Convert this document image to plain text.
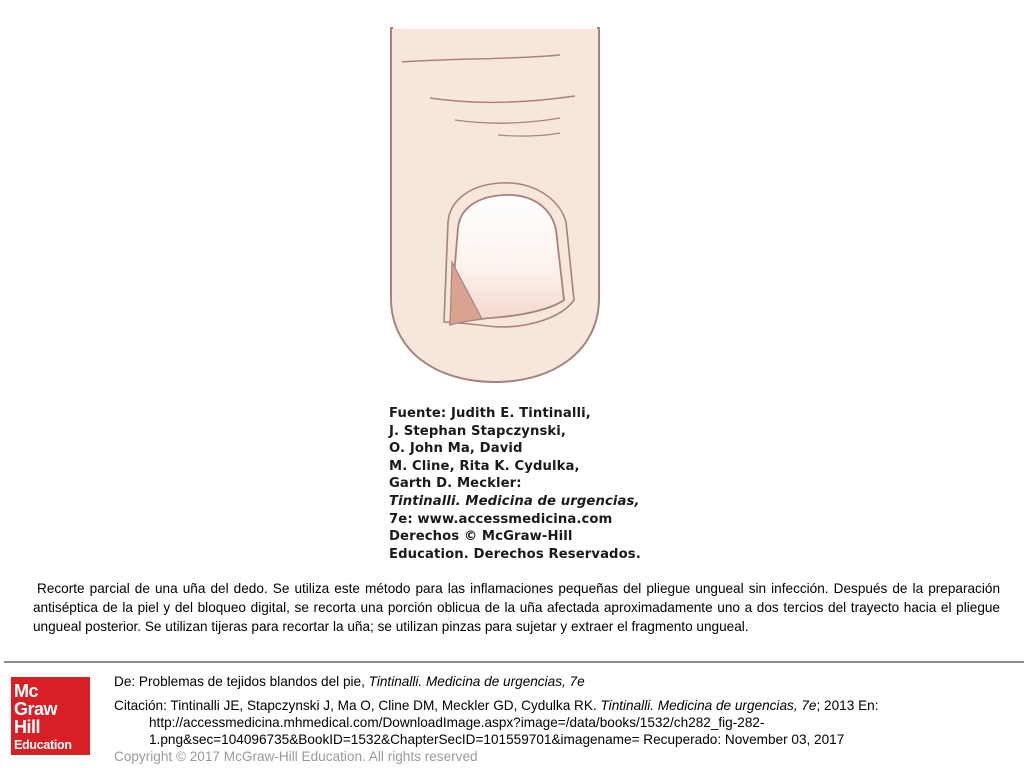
Fuente: Judith E. Tintinalli,
J. Stephan Stapczynski,
O. John Ma, David
M. Cline, Rita K. Cydulka,
Garth D. Meckler:
Tintinalli. Medicina de urgencias,
7e: www.accessmedicina.com
Derechos © McGraw-Hill
Education. Derechos Reservados.
Recorte parcial de una uña del dedo. Se utiliza este método para las inflamaciones pequeñas del pliegue ungueal sin infección. Después de la preparación antiséptica de la piel y del bloqueo digital, se recorta una porción oblicua de la uña afectada aproximadamente uno a dos tercios del trayecto hacia el pliegue ungueal posterior. Se utilizan tijeras para recortar la uña; se utilizan pinzas para sujetar y extraer el fragmento ungueal.
Mc
Graw
Hill
Education
De: Problemas de tejidos blandos del pie, Tintinalli. Medicina de urgencias, 7e
Citación: Tintinalli JE, Stapczynski J, Ma O, Cline DM, Meckler GD, Cydulka RK. Tintinalli. Medicina de urgencias, 7e; 2013 En:
http://accessmedicina.mhmedical.com/DownloadImage.aspx?image=/data/books/1532/ch282_fig-282-
1.png&sec=104096735&BookID=1532&ChapterSecID=101559701&imagename= Recuperado: November 03, 2017
Copyright © 2017 McGraw-Hill Education. All rights reserved
